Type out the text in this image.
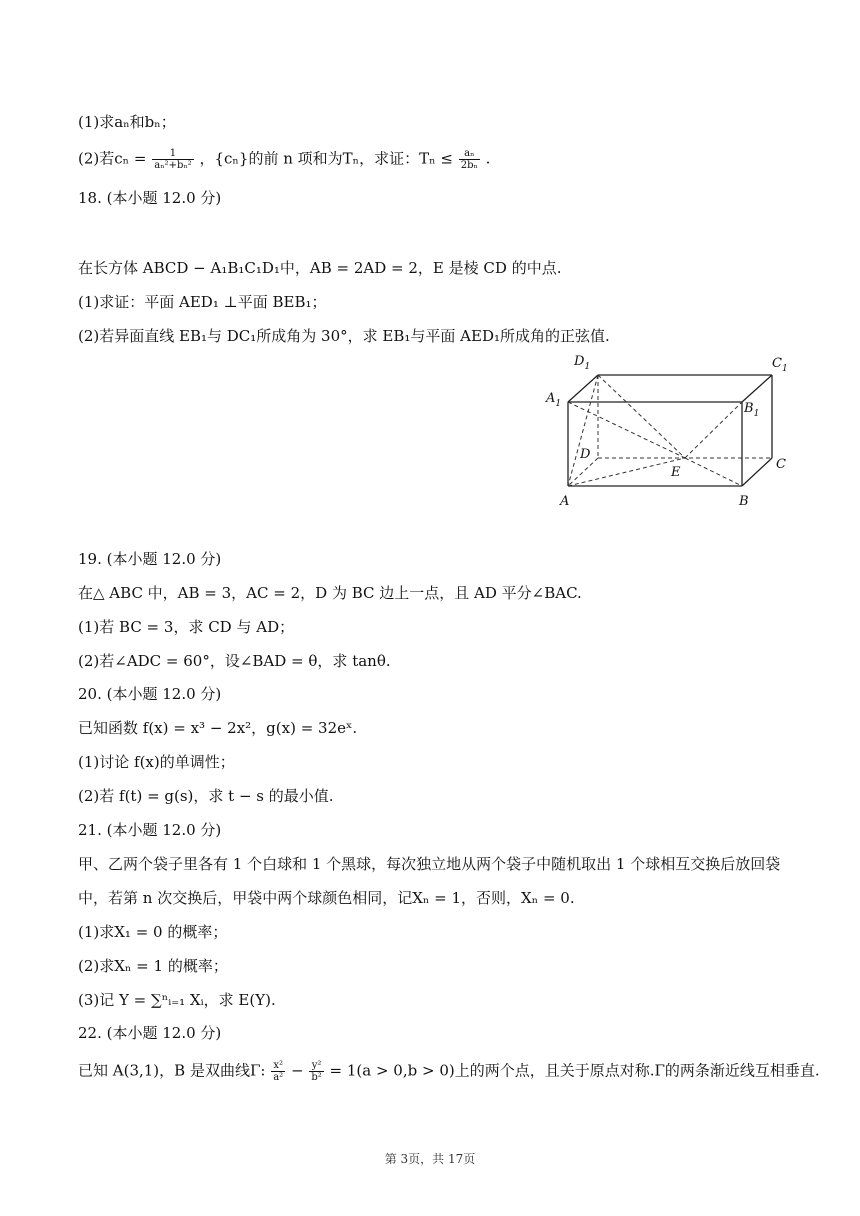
(1)求aₙ和bₙ；
(2)若$c_n = \frac{1}{\text{aₙ²+bₙ²}}$ ，{cₙ}的前 n 项和为Tₙ，求证：$T_n \le \frac{\text{aₙ}}{\text{2bₙ}}$ .
18. (本小题 12.0 分)
在长方体 ABCD − A₁B₁C₁D₁中，AB = 2AD = 2，E 是棱 CD 的中点.
(1)求证：平面 AED₁ ⊥平面 BEB₁；
(2)若异面直线 EB₁与 DC₁所成角为 30°，求 EB₁与平面 AED₁所成角的正弦值.
$D_1$	$C_1$
$A_1$	$B_1$
D
E
C
A	B
19. (本小题 12.0 分)
在△ ABC 中，AB = 3，AC = 2，D 为 BC 边上一点，且 AD 平分∠BAC.
(1)若 BC = 3，求 CD 与 AD；
(2)若∠ADC = 60°，设∠BAD = θ，求 tanθ.
20. (本小题 12.0 分)
已知函数 f(x) = x³ − 2x²，g(x) = 32eˣ.
(1)讨论 f(x)的单调性；
(2)若 f(t) = g(s)，求 t − s 的最小值.
21. (本小题 12.0 分)
甲、乙两个袋子里各有 1 个白球和 1 个黑球，每次独立地从两个袋子中随机取出 1 个球相互交换后放回袋
中，若第 n 次交换后，甲袋中两个球颜色相同，记Xₙ = 1，否则，Xₙ = 0.
(1)求X₁ = 0 的概率；
(2)求Xₙ = 1 的概率；
(3)记 Y = ∑ⁿᵢ₌₁ Xᵢ，求 E(Y).
22. (本小题 12.0 分)
已知 A(3,1)，B 是双曲线Γ: $\frac{\text{x²}}{\text{a²}} - \frac{\text{y²}}{\text{b²}} = 1(a > 0,b > 0)$上的两个点，且关于原点对称.Γ的两条渐近线互相垂直.
第 3页，共 17页
